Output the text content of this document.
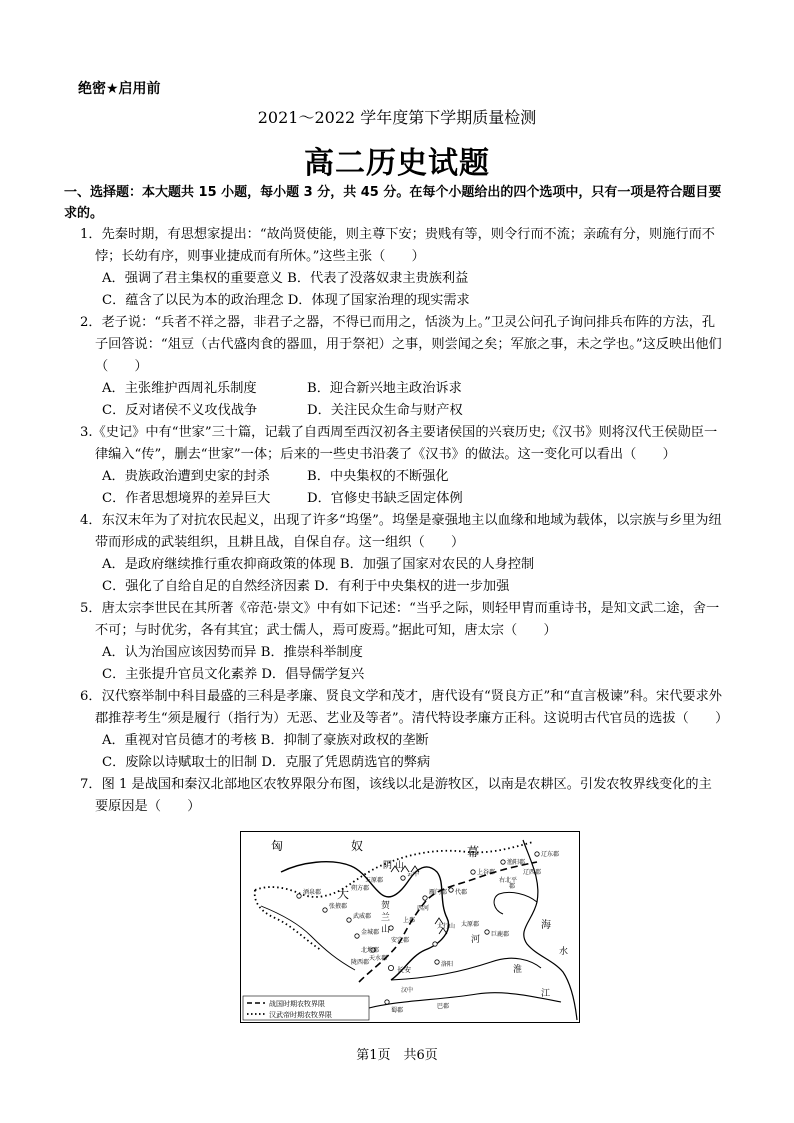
绝密★启用前
2021～2022 学年度第下学期质量检测
高二历史试题
一、选择题：本大题共 15 小题，每小题 3 分，共 45 分。在每个小题给出的四个选项中，只有一项是符合题目要求的。
1．先秦时期，有思想家提出：“故尚贤使能，则主尊下安；贵贱有等，则令行而不流；亲疏有分，则施行而不悖；长幼有序，则事业捷成而有所休。”这些主张（　　）
A．强调了君主集权的重要意义 B．代表了没落奴隶主贵族利益
C．蕴含了以民为本的政治理念 D．体现了国家治理的现实需求
2．老子说：“兵者不祥之器，非君子之器，不得已而用之，恬淡为上。”卫灵公问孔子询问排兵布阵的方法，孔子回答说：“俎豆（古代盛肉食的器皿，用于祭祀）之事，则尝闻之矣；军旅之事，未之学也。”这反映出他们（　　）
A．主张维护西周礼乐制度	B．迎合新兴地主政治诉求
C．反对诸侯不义攻伐战争	D．关注民众生命与财产权
3.《史记》中有“世家”三十篇，记载了自西周至西汉初各主要诸侯国的兴衰历史;《汉书》则将汉代王侯勋臣一律编入“传”，删去“世家”一体；后来的一些史书沿袭了《汉书》的做法。这一变化可以看出（　　）
A．贵族政治遭到史家的封杀	B．中央集权的不断强化
C．作者思想境界的差异巨大	D．官修史书缺乏固定体例
4．东汉末年为了对抗农民起义，出现了许多“坞堡”。坞堡是豪强地主以血缘和地域为载体，以宗族与乡里为纽带而形成的武装组织，且耕且战，自保自存。这一组织（　　）
A．是政府继续推行重农抑商政策的体现 B．加强了国家对农民的人身控制
C．强化了自给自足的自然经济因素 D．有利于中央集权的进一步加强
5．唐太宗李世民在其所著《帝范·崇文》中有如下记述：“当乎之际，则轻甲胄而重诗书，是知文武二途，舍一不可；与时优劣，各有其宜；武士儒人，焉可废焉。”据此可知，唐太宗（　　）
A．认为治国应该因势而异 B．推崇科举制度
C．主张提升官员文化素养 D．倡导儒学复兴
6．汉代察举制中科目最盛的三科是孝廉、贤良文学和茂才，唐代设有“贤良方正”和“直言极谏”科。宋代要求外郡推荐考生“须是履行（指行为）无恶、艺业及等者”。清代特设孝廉方正科。这说明古代官员的选拔（　　）
A．重视对官员德才的考核 B．抑制了豪族对政权的垄断
C．废除以诗赋取士的旧制 D．克服了凭恩荫选官的弊病
7．图 1 是战国和秦汉北部地区农牧界限分布图，该线以北是游牧区，以南是农耕区。引发农牧界线变化的主要原因是（　　）
匈	奴	幕
大
阴 山
贺
兰
山
上谷郡
渔阳郡
辽东郡
辽西郡
右北平
代郡
雁门郡
云中
五原郡
朔方郡
北地郡
上郡
西河
酒泉郡
张掖郡
武威郡
金城郡
陇西郡
天水郡
安定郡
太原郡
巨鹿郡
长安
洛阳
太行山	海
水
淮
江
河
蜀郡
汉中
巴郡
郡
战国时期农牧界限
汉武帝时期农牧界限
第1页　共6页
